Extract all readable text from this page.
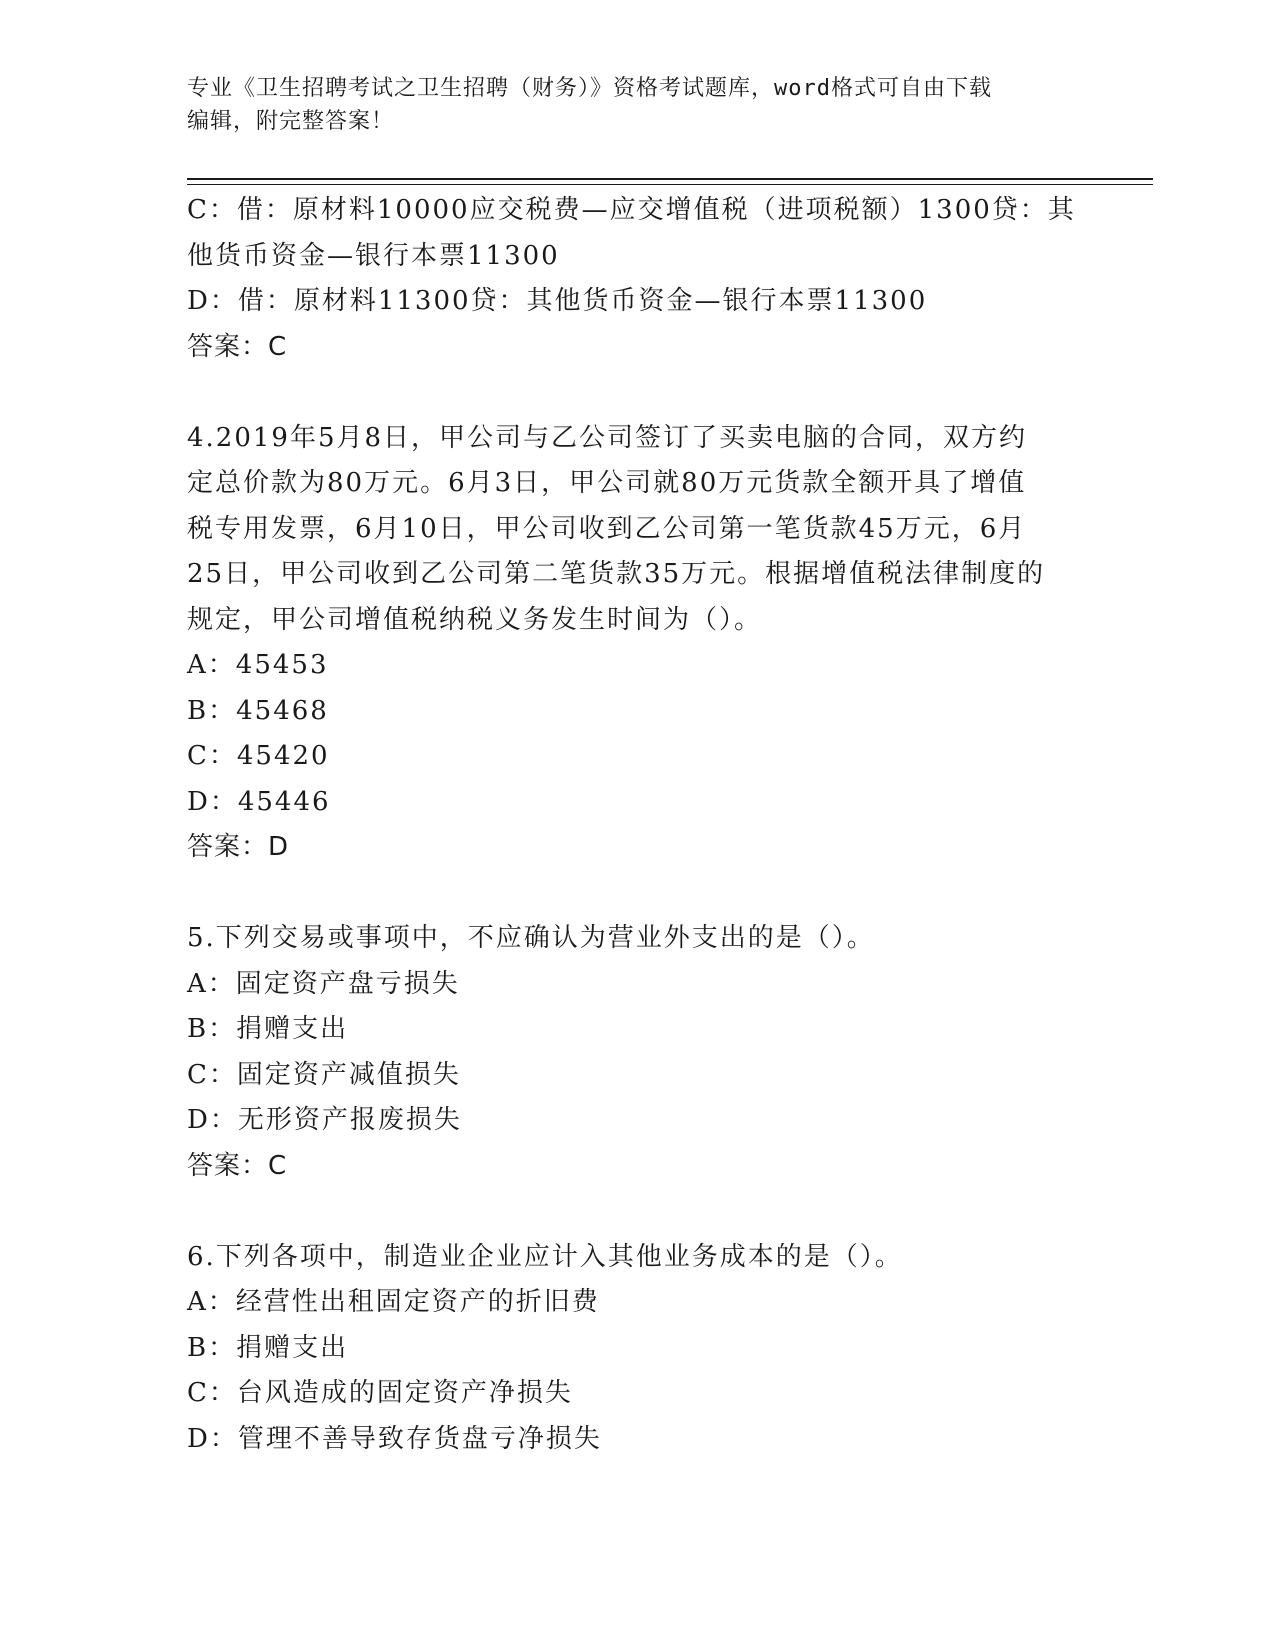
专业《卫生招聘考试之卫生招聘（财务）》资格考试题库，word格式可自由下载
编辑，附完整答案！
C：借：原材料10000应交税费—应交增值税（进项税额）1300贷：其
他货币资金—银行本票11300
D：借：原材料11300贷：其他货币资金—银行本票11300
答案：C
4.2019年5月8日，甲公司与乙公司签订了买卖电脑的合同，双方约
定总价款为80万元。6月3日，甲公司就80万元货款全额开具了增值
税专用发票，6月10日，甲公司收到乙公司第一笔货款45万元，6月
25日，甲公司收到乙公司第二笔货款35万元。根据增值税法律制度的
规定，甲公司增值税纳税义务发生时间为（）。
A：45453
B：45468
C：45420
D：45446
答案：D
5.下列交易或事项中，不应确认为营业外支出的是（）。
A：固定资产盘亏损失
B：捐赠支出
C：固定资产减值损失
D：无形资产报废损失
答案：C
6.下列各项中，制造业企业应计入其他业务成本的是（）。
A：经营性出租固定资产的折旧费
B：捐赠支出
C：台风造成的固定资产净损失
D：管理不善导致存货盘亏净损失
